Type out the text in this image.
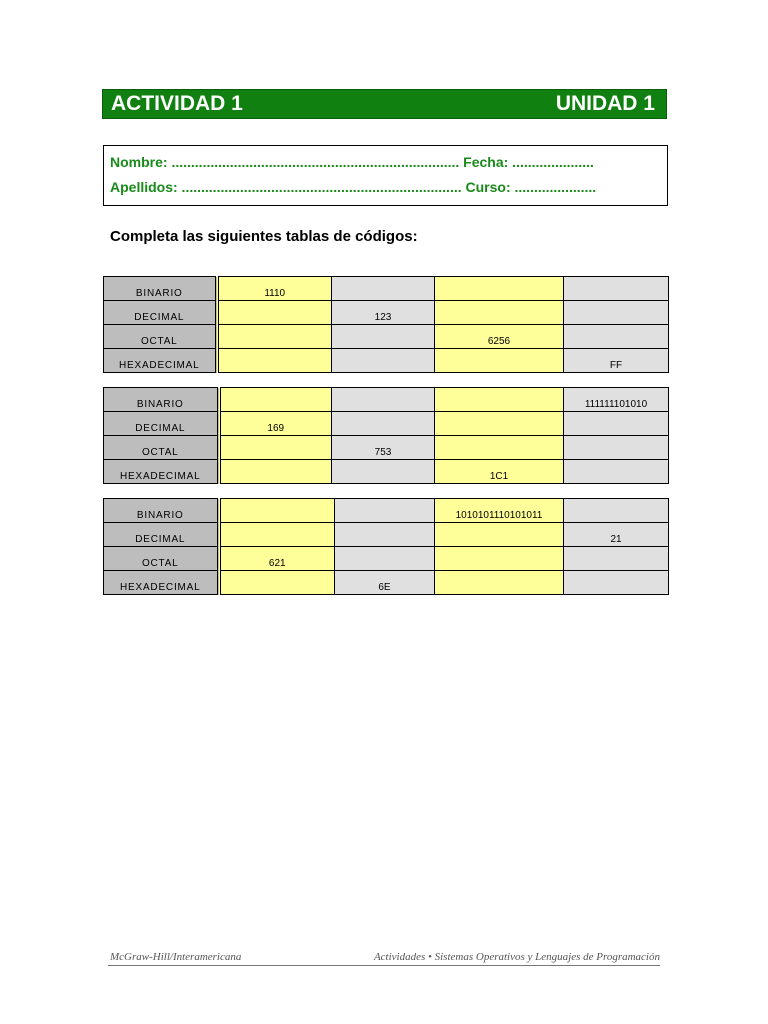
ACTIVIDAD 1	UNIDAD 1
Nombre: .......................................................................... Fecha: .....................
Apellidos: ........................................................................ Curso: .....................
Completa las siguientes tablas de códigos:
BINARIO	1110			
DECIMAL		123		
OCTAL			6256	
HEXADECIMAL				FF
BINARIO				111111101010
DECIMAL	169			
OCTAL		753		
HEXADECIMAL			1C1	
BINARIO			1010101110101011	
DECIMAL				21
OCTAL	621			
HEXADECIMAL		6E		
McGraw-Hill/Interamericana	Actividades • Sistemas Operativos y Lenguajes de Programación
